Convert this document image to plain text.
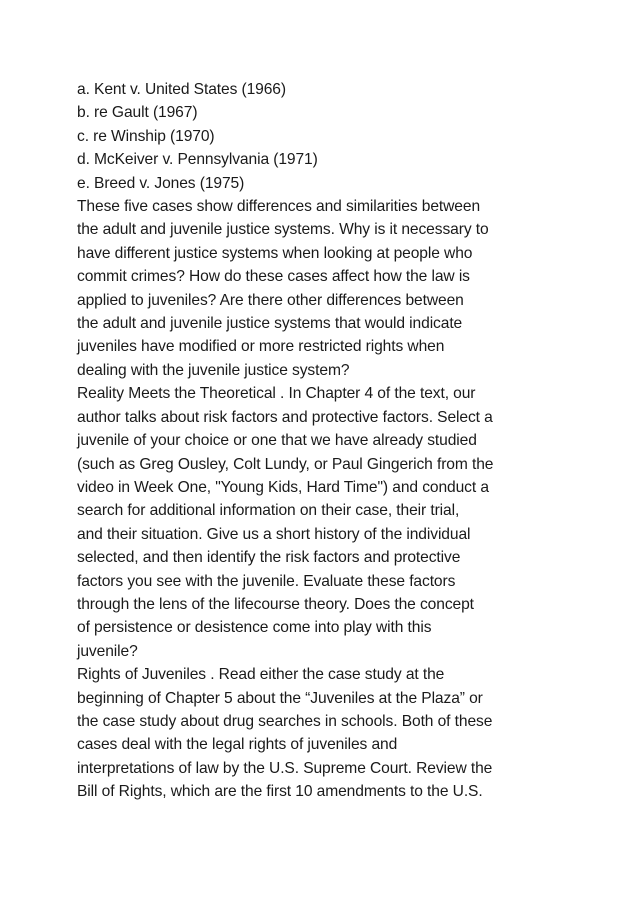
a. Kent v. United States (1966)
b. re Gault (1967)
c. re Winship (1970)
d. McKeiver v. Pennsylvania (1971)
e. Breed v. Jones (1975)
These five cases show differences and similarities between
the adult and juvenile justice systems. Why is it necessary to
have different justice systems when looking at people who
commit crimes? How do these cases affect how the law is
applied to juveniles? Are there other differences between
the adult and juvenile justice systems that would indicate
juveniles have modified or more restricted rights when
dealing with the juvenile justice system?
Reality Meets the Theoretical . In Chapter 4 of the text, our
author talks about risk factors and protective factors. Select a
juvenile of your choice or one that we have already studied
(such as Greg Ousley, Colt Lundy, or Paul Gingerich from the
video in Week One, "Young Kids, Hard Time") and conduct a
search for additional information on their case, their trial,
and their situation. Give us a short history of the individual
selected, and then identify the risk factors and protective
factors you see with the juvenile. Evaluate these factors
through the lens of the lifecourse theory. Does the concept
of persistence or desistence come into play with this
juvenile?
Rights of Juveniles . Read either the case study at the
beginning of Chapter 5 about the “Juveniles at the Plaza” or
the case study about drug searches in schools. Both of these
cases deal with the legal rights of juveniles and
interpretations of law by the U.S. Supreme Court. Review the
Bill of Rights, which are the first 10 amendments to the U.S.
